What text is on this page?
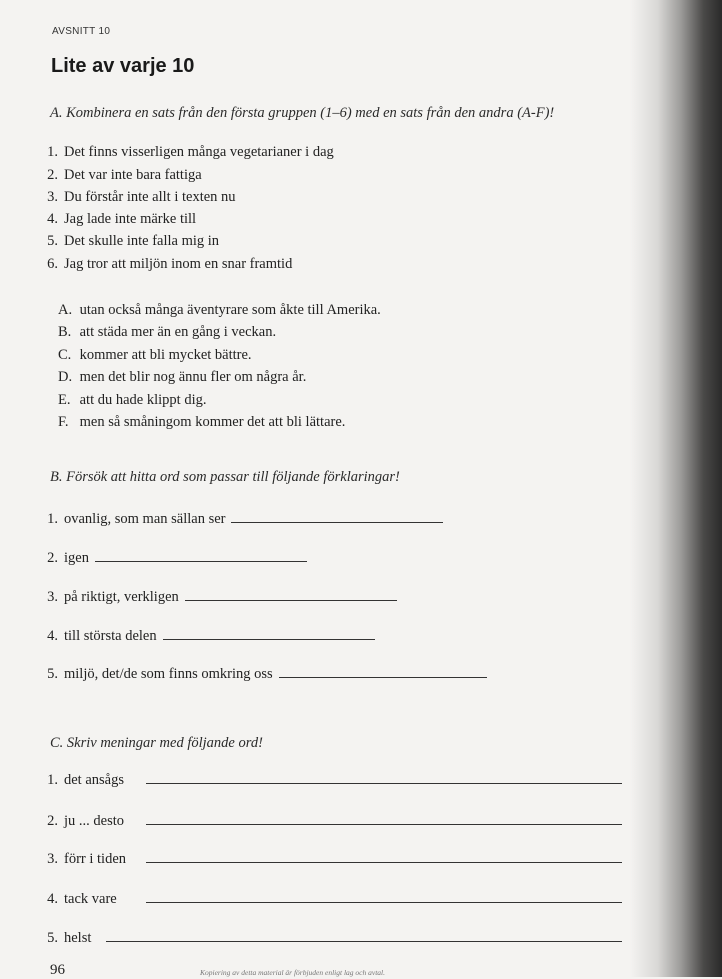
AVSNITT 10
Lite av varje 10
A. Kombinera en sats från den första gruppen (1–6) med en sats från den andra (A-F)!
1. Det finns visserligen många vegetarianer i dag
2. Det var inte bara fattiga
3. Du förstår inte allt i texten nu
4. Jag lade inte märke till
5. Det skulle inte falla mig in
6. Jag tror att miljön inom en snar framtid
A. utan också många äventyrare som åkte till Amerika.
B. att städa mer än en gång i veckan.
C. kommer att bli mycket bättre.
D. men det blir nog ännu fler om några år.
E. att du hade klippt dig.
F. men så småningom kommer det att bli lättare.
B. Försök att hitta ord som passar till följande förklaringar!
1. ovanlig, som man sällan ser
2. igen
3. på riktigt, verkligen
4. till största delen
5. miljö, det/de som finns omkring oss
C. Skriv meningar med följande ord!
1. det ansågs
2. ju ... desto
3. förr i tiden
4. tack vare
5. helst
96	Kopiering av detta material är förbjuden enligt lag och avtal.
